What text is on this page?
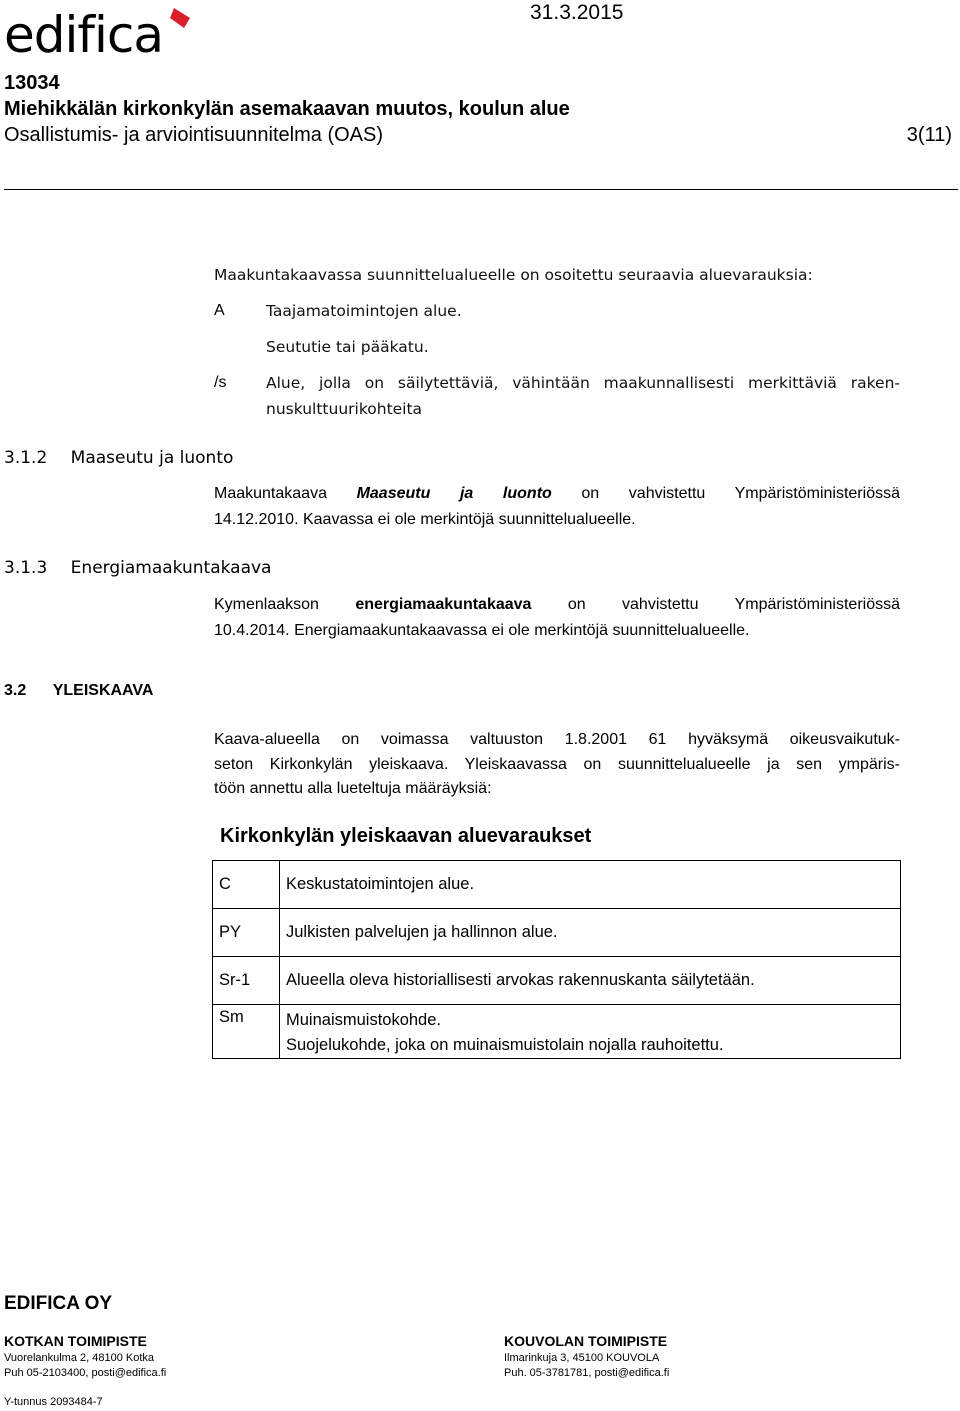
edifica	31.3.2015
13034
Miehikkälän kirkonkylän asemakaavan muutos, koulun alue
Osallistumis- ja arviointisuunnitelma (OAS)	3(11)
Maakuntakaavassa suunnittelualueelle on osoitettu seuraavia aluevarauksia:
A	Taajamatoimintojen alue.
Seututie tai pääkatu.
/s	Alue, jolla on säilytettäviä, vähintään maakunnallisesti merkittäviä raken-
nuskulttuurikohteita
3.1.2 Maaseutu ja luonto
Maakuntakaava Maaseutu ja luonto on vahvistettu Ympäristöministeriössä
14.12.2010. Kaavassa ei ole merkintöjä suunnittelualueelle.
3.1.3 Energiamaakuntakaava
Kymenlaakson energiamaakuntakaava on vahvistettu Ympäristöministeriössä
10.4.2014. Energiamaakuntakaavassa ei ole merkintöjä suunnittelualueelle.
3.2 YLEISKAAVA
Kaava-alueella on voimassa valtuuston 1.8.2001 61 hyväksymä oikeusvaikutuk-
seton Kirkonkylän yleiskaava. Yleiskaavassa on suunnittelualueelle ja sen ympäris-
töön annettu alla lueteltuja määräyksiä:
Kirkonkylän yleiskaavan aluevaraukset
C	Keskustatoimintojen alue.
PY	Julkisten palvelujen ja hallinnon alue.
Sr-1	Alueella oleva historiallisesti arvokas rakennuskanta säilytetään.
Sm	Muinaismuistokohde.
Suojelukohde, joka on muinaismuistolain nojalla rauhoitettu.
EDIFICA OY
KOTKAN TOIMIPISTE
Vuorelankulma 2, 48100 Kotka
Puh 05-2103400, posti@edifica.fi
KOUVOLAN TOIMIPISTE
Ilmarinkuja 3, 45100 KOUVOLA
Puh. 05-3781781, posti@edifica.fi
Y-tunnus 2093484-7
